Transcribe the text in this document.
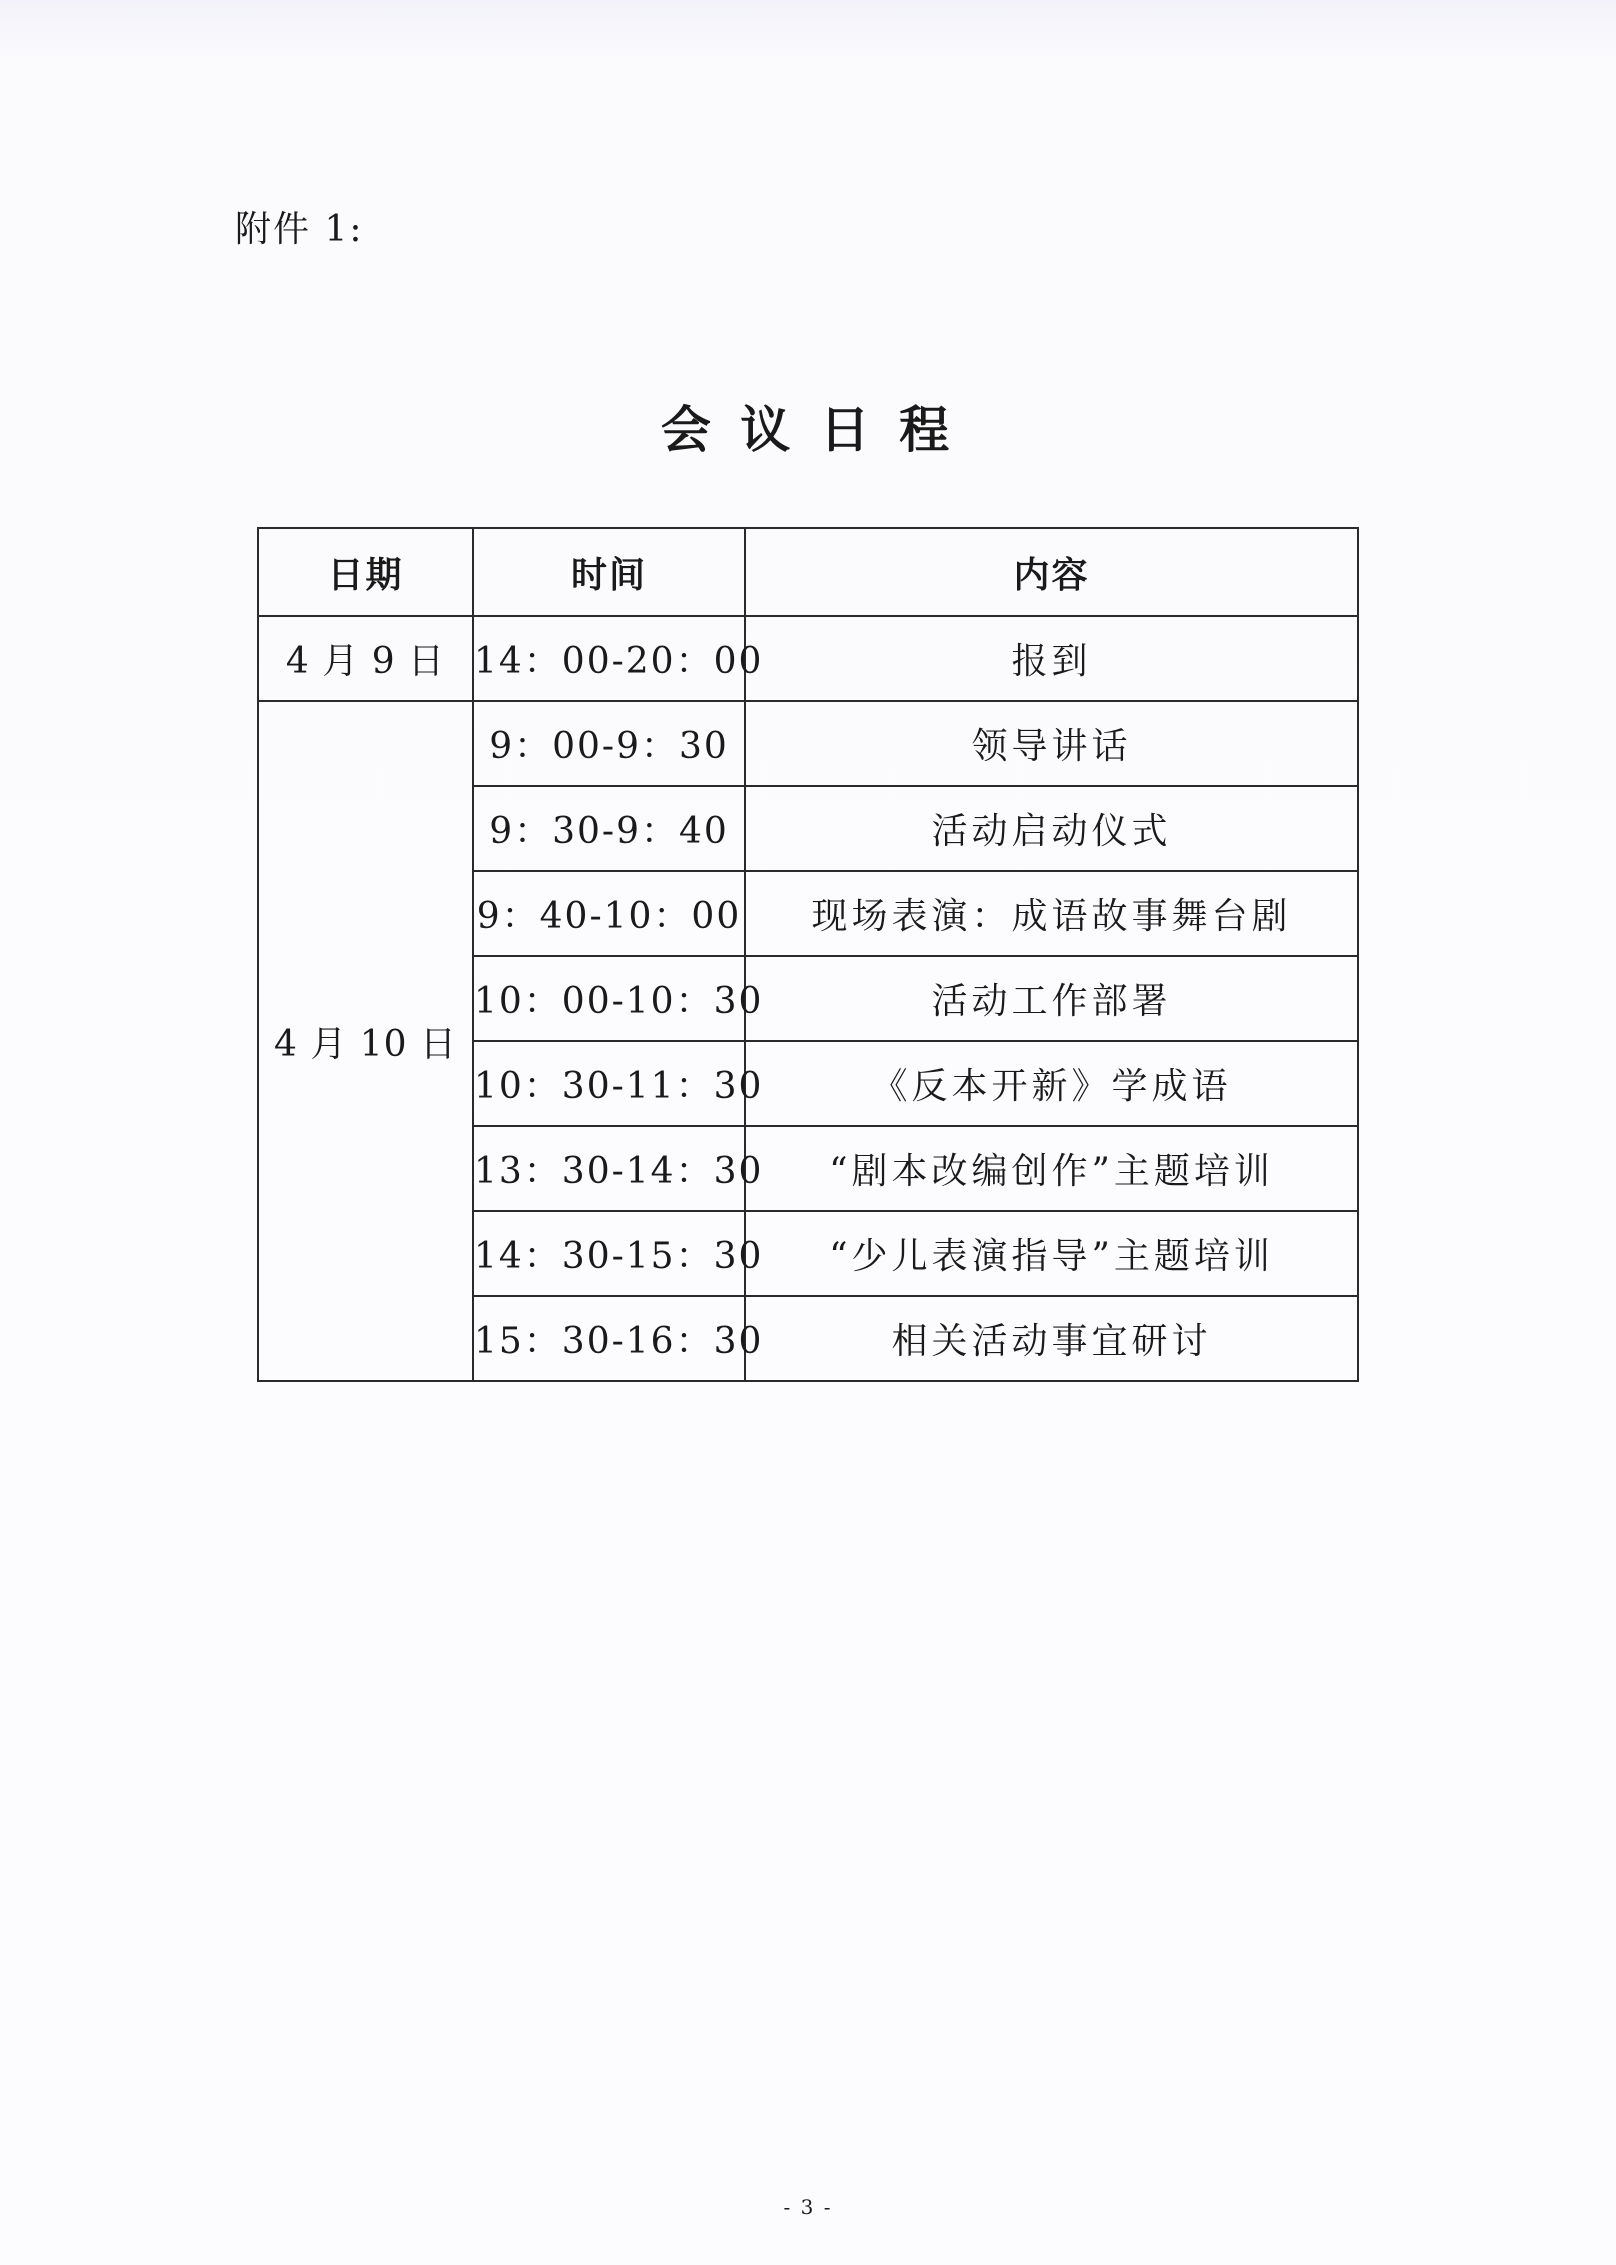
附件 1:
会 议 日 程
日期	时间	内容
4 月 9 日	14：00-20：00	报到
4 月 10 日	9：00-9：30	领导讲话
	9：30-9：40	活动启动仪式
	9：40-10：00	现场表演：成语故事舞台剧
	10：00-10：30	活动工作部署
	10：30-11：30	《反本开新》学成语
	13：30-14：30	“剧本改编创作”主题培训
	14：30-15：30	“少儿表演指导”主题培训
	15：30-16：30	相关活动事宜研讨
- 3 -
